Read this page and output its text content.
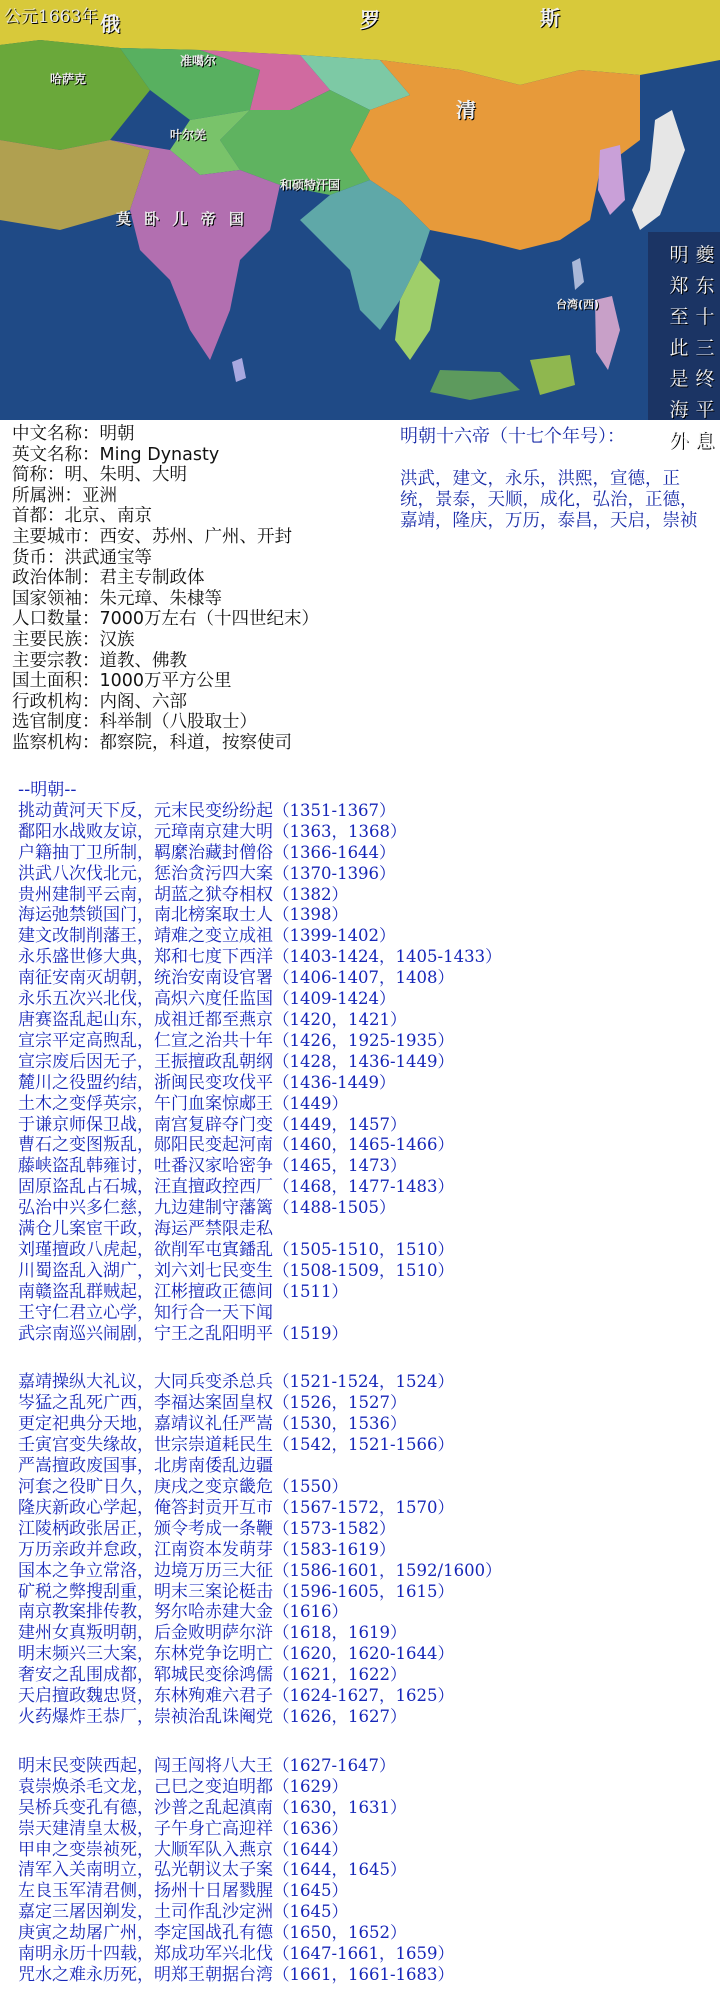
公元1663年 俄	罗	斯
准噶尔
哈萨克
清
叶尔羌
和硕特汗国
莫 卧 儿 帝 国
台湾(西)
明郑至此是海外
夔东十三终平息
中文名称：明朝
英文名称：Ming Dynasty
简称：明、朱明、大明
所属洲：亚洲
首都：北京、南京
主要城市：西安、苏州、广州、开封
货币：洪武通宝等
政治体制：君主专制政体
国家领袖：朱元璋、朱棣等
人口数量：7000万左右（十四世纪末）
主要民族：汉族
主要宗教：道教、佛教
国土面积：1000万平方公里
行政机构：内阁、六部
选官制度：科举制（八股取士）
监察机构：都察院，科道，按察使司
明朝十六帝（十七个年号）：
洪武，建文，永乐，洪熙，宣德，正统，景泰，天顺，成化，弘治，正德，嘉靖，隆庆，万历，泰昌，天启，崇祯
--明朝--
挑动黄河天下反，元末民变纷纷起（1351-1367）
鄱阳水战败友谅，元璋南京建大明（1363，1368）
户籍抽丁卫所制，羁縻治藏封僧俗（1366-1644）
洪武八次伐北元，惩治贪污四大案（1370-1396）
贵州建制平云南，胡蓝之狱夺相权（1382）
海运弛禁锁国门，南北榜案取士人（1398）
建文改制削藩王，靖难之变立成祖（1399-1402）
永乐盛世修大典，郑和七度下西洋（1403-1424，1405-1433）
南征安南灭胡朝，统治安南设官署（1406-1407，1408）
永乐五次兴北伐，高炽六度任监国（1409-1424）
唐赛盗乱起山东，成祖迁都至燕京（1420，1421）
宣宗平定高煦乱，仁宣之治共十年（1426，1925-1935）
宣宗废后因无子，王振擅政乱朝纲（1428，1436-1449）
麓川之役盟约结，浙闽民变攻伐平（1436-1449）
土木之变俘英宗，午门血案惊郕王（1449）
于谦京师保卫战，南宫复辟夺门变（1449，1457）
曹石之变图叛乱，郧阳民变起河南（1460，1465-1466）
藤峡盗乱韩雍讨，吐番汉家哈密争（1465，1473）
固原盗乱占石城，汪直擅政控西厂（1468，1477-1483）
弘治中兴多仁慈，九边建制守藩篱（1488-1505）
满仓儿案宦干政，海运严禁限走私
刘瑾擅政八虎起，欲削军屯寘鐇乱（1505-1510，1510）
川蜀盗乱入湖广，刘六刘七民变生（1508-1509，1510）
南赣盗乱群贼起，江彬擅政正德间（1511）
王守仁君立心学，知行合一天下闻
武宗南巡兴闹剧，宁王之乱阳明平（1519）
嘉靖操纵大礼议，大同兵变杀总兵（1521-1524，1524）
岑猛之乱死广西，李福达案固皇权（1526，1527）
更定祀典分天地，嘉靖议礼任严嵩（1530，1536）
壬寅宫变失缘故，世宗崇道耗民生（1542，1521-1566）
严嵩擅政废国事，北虏南倭乱边疆
河套之役旷日久，庚戌之变京畿危（1550）
隆庆新政心学起，俺答封贡开互市（1567-1572，1570）
江陵柄政张居正，颁令考成一条鞭（1573-1582）
万历亲政并怠政，江南资本发萌芽（1583-1619）
国本之争立常洛，边境万历三大征（1586-1601，1592/1600）
矿税之弊搜刮重，明末三案论梃击（1596-1605，1615）
南京教案排传教，努尔哈赤建大金（1616）
建州女真叛明朝，后金败明萨尔浒（1618，1619）
明末频兴三大案，东林党争讫明亡（1620，1620-1644）
奢安之乱围成都，郓城民变徐鸿儒（1621，1622）
天启擅政魏忠贤，东林殉难六君子（1624-1627，1625）
火药爆炸王恭厂，崇祯治乱诛阉党（1626，1627）
明末民变陕西起，闯王闯将八大王（1627-1647）
袁崇焕杀毛文龙，己巳之变迫明都（1629）
吴桥兵变孔有德，沙普之乱起滇南（1630，1631）
崇天建清皇太极，子午身亡高迎祥（1636）
甲申之变崇祯死，大顺军队入燕京（1644）
清军入关南明立，弘光朝议太子案（1644，1645）
左良玉军清君侧，扬州十日屠戮腥（1645）
嘉定三屠因剃发，土司作乱沙定洲（1645）
庚寅之劫屠广州，李定国战孔有德（1650，1652）
南明永历十四载，郑成功军兴北伐（1647-1661，1659）
咒水之难永历死，明郑王朝据台湾（1661，1661-1683）
